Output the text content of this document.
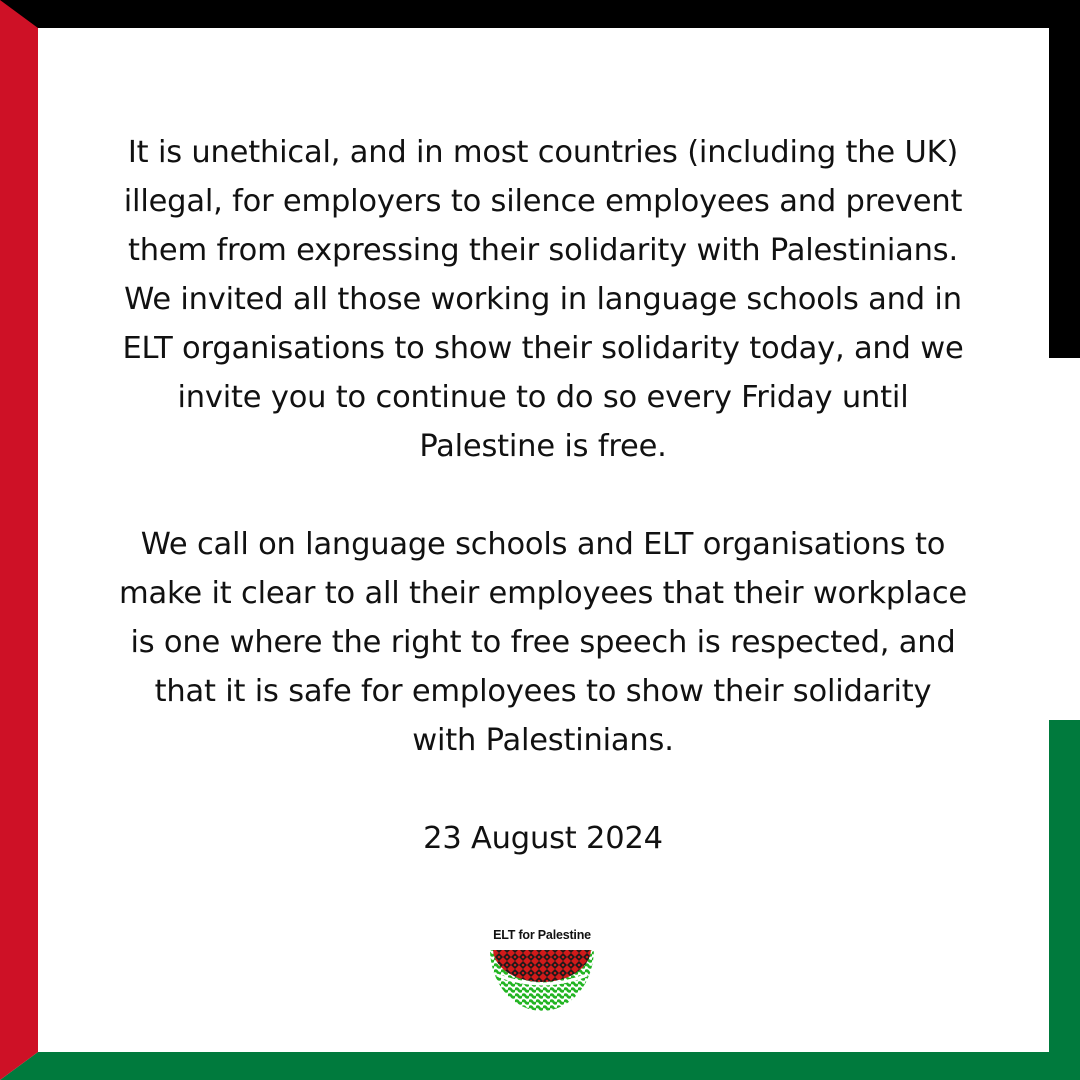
It is unethical, and in most countries (including the UK)
illegal, for employers to silence employees and prevent
them from expressing their solidarity with Palestinians.
We invited all those working in language schools and in
ELT organisations to show their solidarity today, and we
invite you to continue to do so every Friday until
Palestine is free.

We call on language schools and ELT organisations to
make it clear to all their employees that their workplace
is one where the right to free speech is respected, and
that it is safe for employees to show their solidarity
with Palestinians.

23 August 2024

ELT for Palestine
